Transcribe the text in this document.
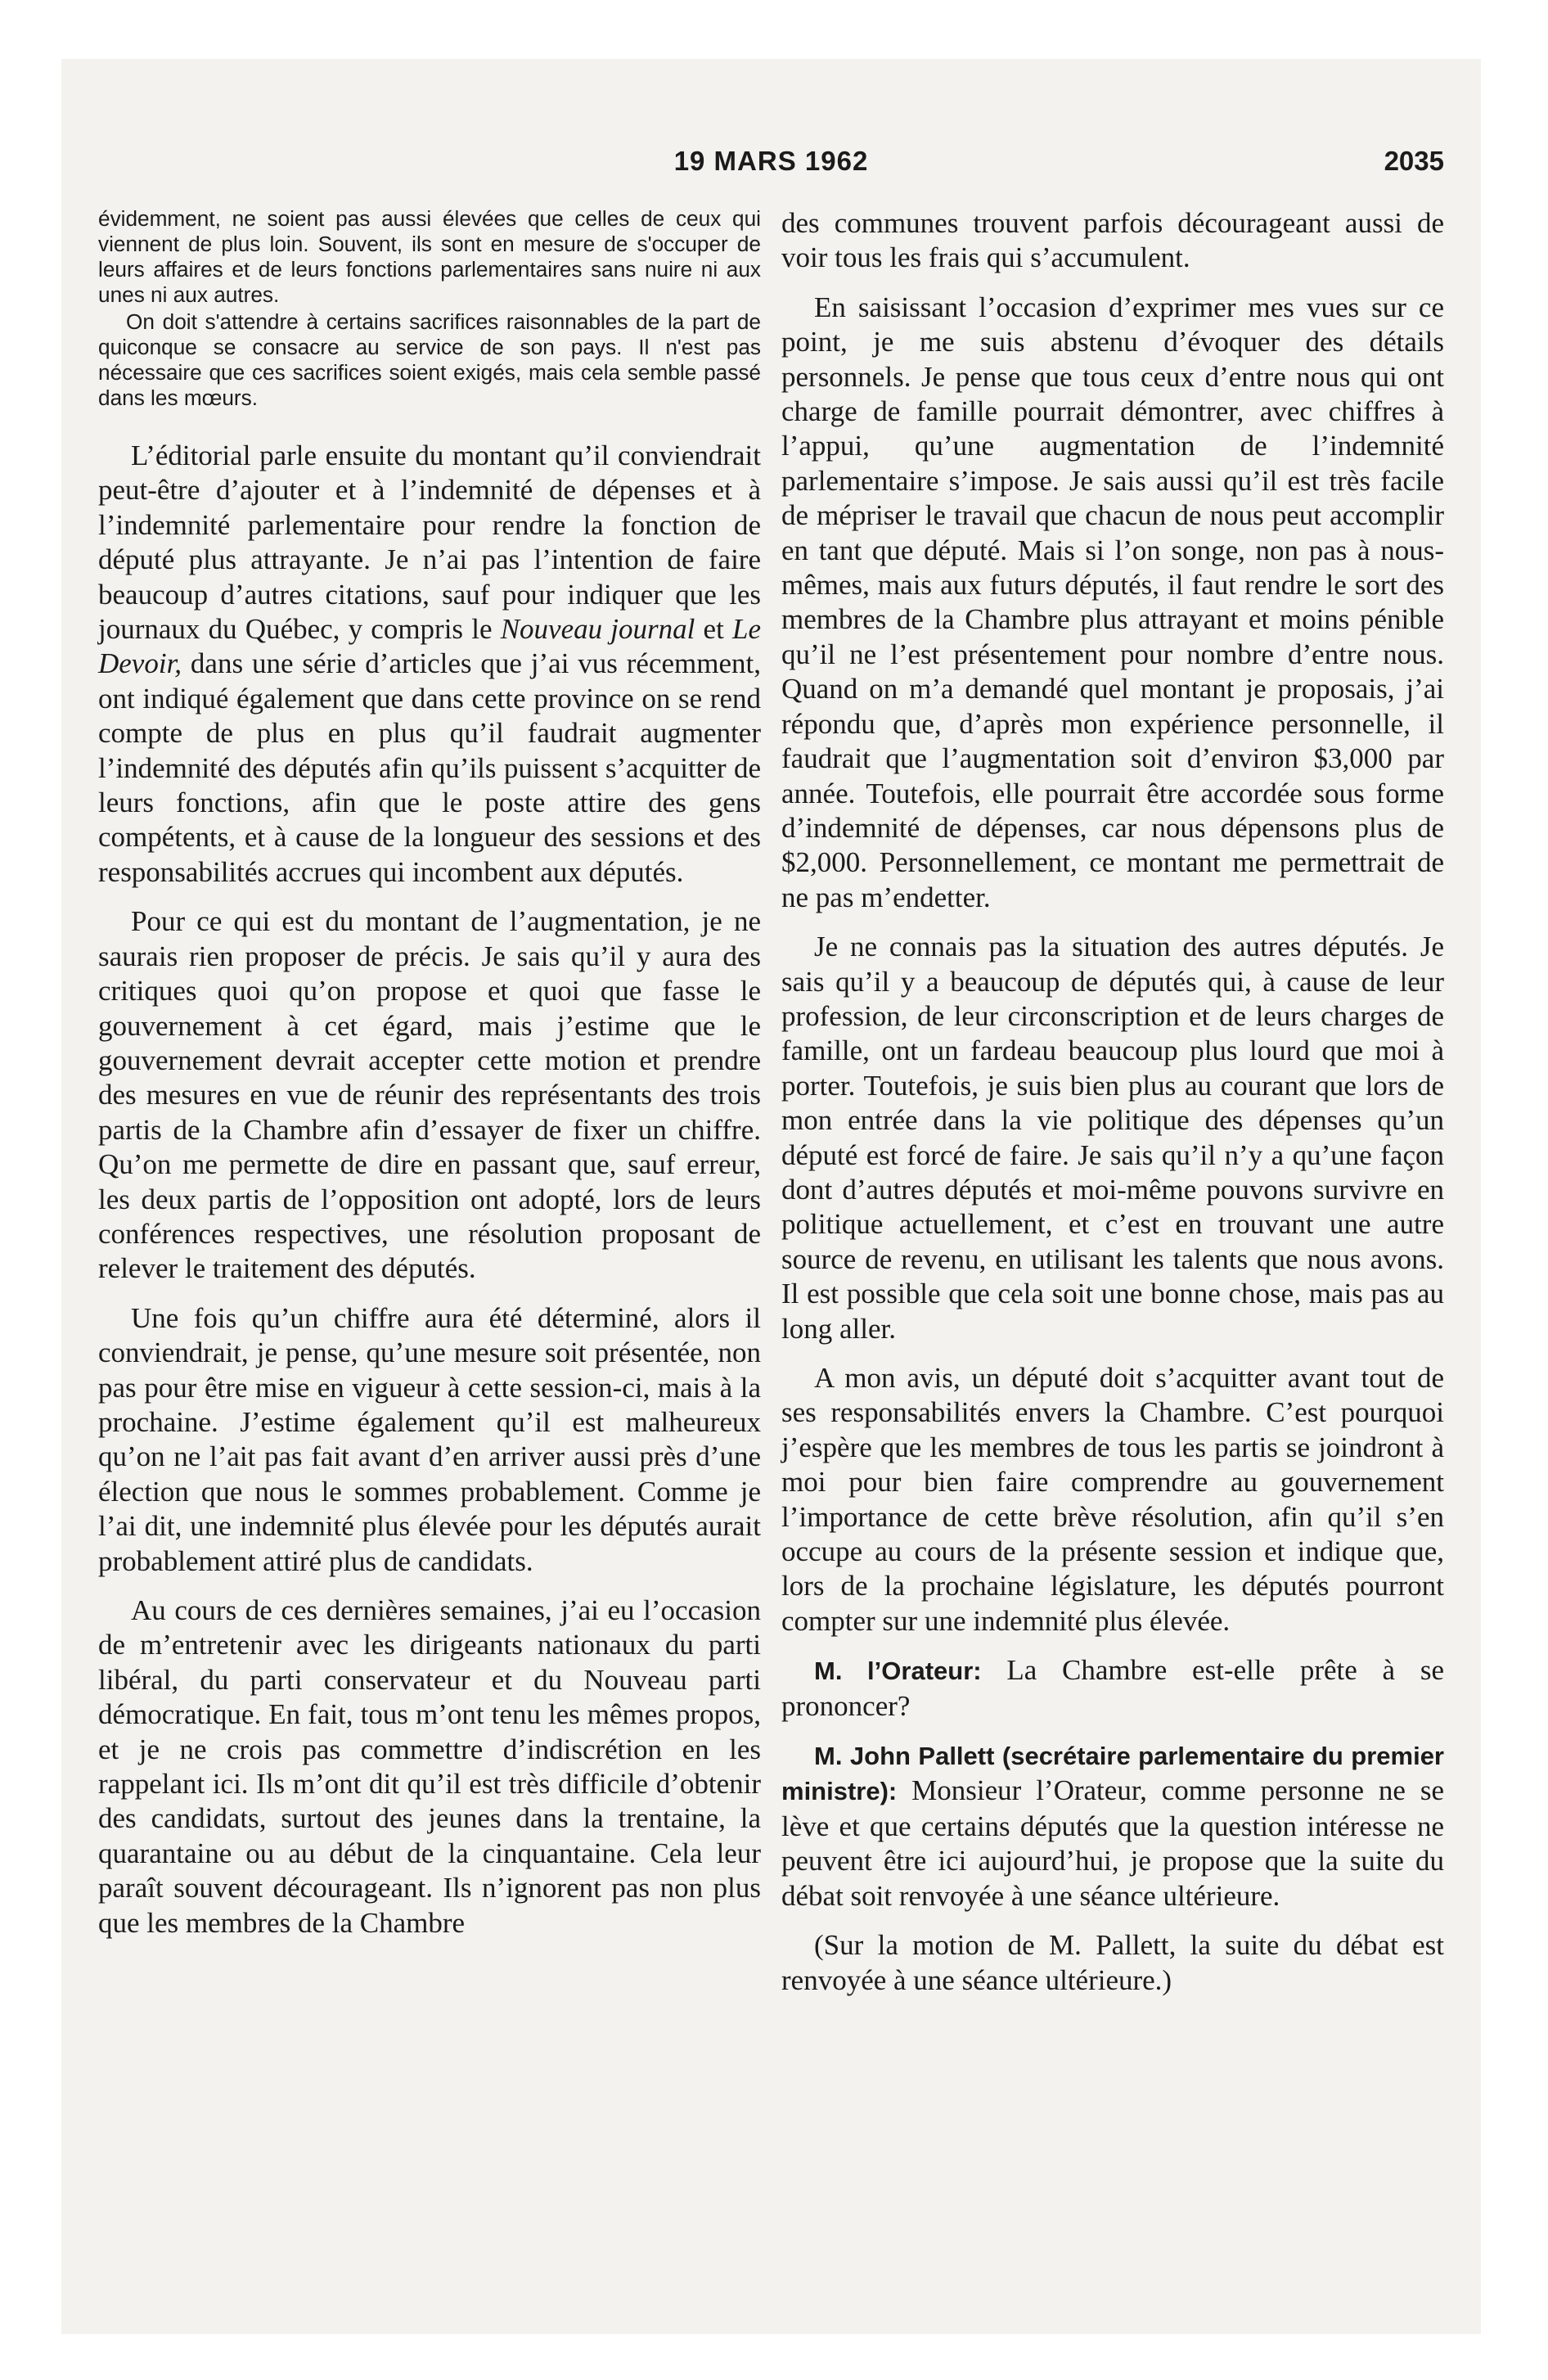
19 MARS 1962	2035

évidemment, ne soient pas aussi élevées que celles de ceux qui viennent de plus loin. Souvent, ils sont en mesure de s'occuper de leurs affaires et de leurs fonctions parlementaires sans nuire ni aux unes ni aux autres.

On doit s'attendre à certains sacrifices raisonnables de la part de quiconque se consacre au service de son pays. Il n'est pas nécessaire que ces sacrifices soient exigés, mais cela semble passé dans les mœurs.

L’éditorial parle ensuite du montant qu’il conviendrait peut-être d’ajouter et à l’indemnité de dépenses et à l’indemnité parlementaire pour rendre la fonction de député plus attrayante. Je n’ai pas l’intention de faire beaucoup d’autres citations, sauf pour indiquer que les journaux du Québec, y compris le Nouveau journal et Le Devoir, dans une série d’articles que j’ai vus récemment, ont indiqué également que dans cette province on se rend compte de plus en plus qu’il faudrait augmenter l’indemnité des députés afin qu’ils puissent s’acquitter de leurs fonctions, afin que le poste attire des gens compétents, et à cause de la longueur des sessions et des responsabilités accrues qui incombent aux députés.

Pour ce qui est du montant de l’augmentation, je ne saurais rien proposer de précis. Je sais qu’il y aura des critiques quoi qu’on propose et quoi que fasse le gouvernement à cet égard, mais j’estime que le gouvernement devrait accepter cette motion et prendre des mesures en vue de réunir des représentants des trois partis de la Chambre afin d’essayer de fixer un chiffre. Qu’on me permette de dire en passant que, sauf erreur, les deux partis de l’opposition ont adopté, lors de leurs conférences respectives, une résolution proposant de relever le traitement des députés.

Une fois qu’un chiffre aura été déterminé, alors il conviendrait, je pense, qu’une mesure soit présentée, non pas pour être mise en vigueur à cette session-ci, mais à la prochaine. J’estime également qu’il est malheureux qu’on ne l’ait pas fait avant d’en arriver aussi près d’une élection que nous le sommes probablement. Comme je l’ai dit, une indemnité plus élevée pour les députés aurait probablement attiré plus de candidats.

Au cours de ces dernières semaines, j’ai eu l’occasion de m’entretenir avec les dirigeants nationaux du parti libéral, du parti conservateur et du Nouveau parti démocratique. En fait, tous m’ont tenu les mêmes propos, et je ne crois pas commettre d’indiscrétion en les rappelant ici. Ils m’ont dit qu’il est très difficile d’obtenir des candidats, surtout des jeunes dans la trentaine, la quarantaine ou au début de la cinquantaine. Cela leur paraît souvent décourageant. Ils n’ignorent pas non plus que les membres de la Chambre

des communes trouvent parfois décourageant aussi de voir tous les frais qui s’accumulent.

En saisissant l’occasion d’exprimer mes vues sur ce point, je me suis abstenu d’évoquer des détails personnels. Je pense que tous ceux d’entre nous qui ont charge de famille pourrait démontrer, avec chiffres à l’appui, qu’une augmentation de l’indemnité parlementaire s’impose. Je sais aussi qu’il est très facile de mépriser le travail que chacun de nous peut accomplir en tant que député. Mais si l’on songe, non pas à nous-mêmes, mais aux futurs députés, il faut rendre le sort des membres de la Chambre plus attrayant et moins pénible qu’il ne l’est présentement pour nombre d’entre nous. Quand on m’a demandé quel montant je proposais, j’ai répondu que, d’après mon expérience personnelle, il faudrait que l’augmentation soit d’environ $3,000 par année. Toutefois, elle pourrait être accordée sous forme d’indemnité de dépenses, car nous dépensons plus de $2,000. Personnellement, ce montant me permettrait de ne pas m’endetter.

Je ne connais pas la situation des autres députés. Je sais qu’il y a beaucoup de députés qui, à cause de leur profession, de leur circonscription et de leurs charges de famille, ont un fardeau beaucoup plus lourd que moi à porter. Toutefois, je suis bien plus au courant que lors de mon entrée dans la vie politique des dépenses qu’un député est forcé de faire. Je sais qu’il n’y a qu’une façon dont d’autres députés et moi-même pouvons survivre en politique actuellement, et c’est en trouvant une autre source de revenu, en utilisant les talents que nous avons. Il est possible que cela soit une bonne chose, mais pas au long aller.

A mon avis, un député doit s’acquitter avant tout de ses responsabilités envers la Chambre. C’est pourquoi j’espère que les membres de tous les partis se joindront à moi pour bien faire comprendre au gouvernement l’importance de cette brève résolution, afin qu’il s’en occupe au cours de la présente session et indique que, lors de la prochaine législature, les députés pourront compter sur une indemnité plus élevée.

M. l’Orateur: La Chambre est-elle prête à se prononcer?

M. John Pallett (secrétaire parlementaire du premier ministre): Monsieur l’Orateur, comme personne ne se lève et que certains députés que la question intéresse ne peuvent être ici aujourd’hui, je propose que la suite du débat soit renvoyée à une séance ultérieure.

(Sur la motion de M. Pallett, la suite du débat est renvoyée à une séance ultérieure.)
